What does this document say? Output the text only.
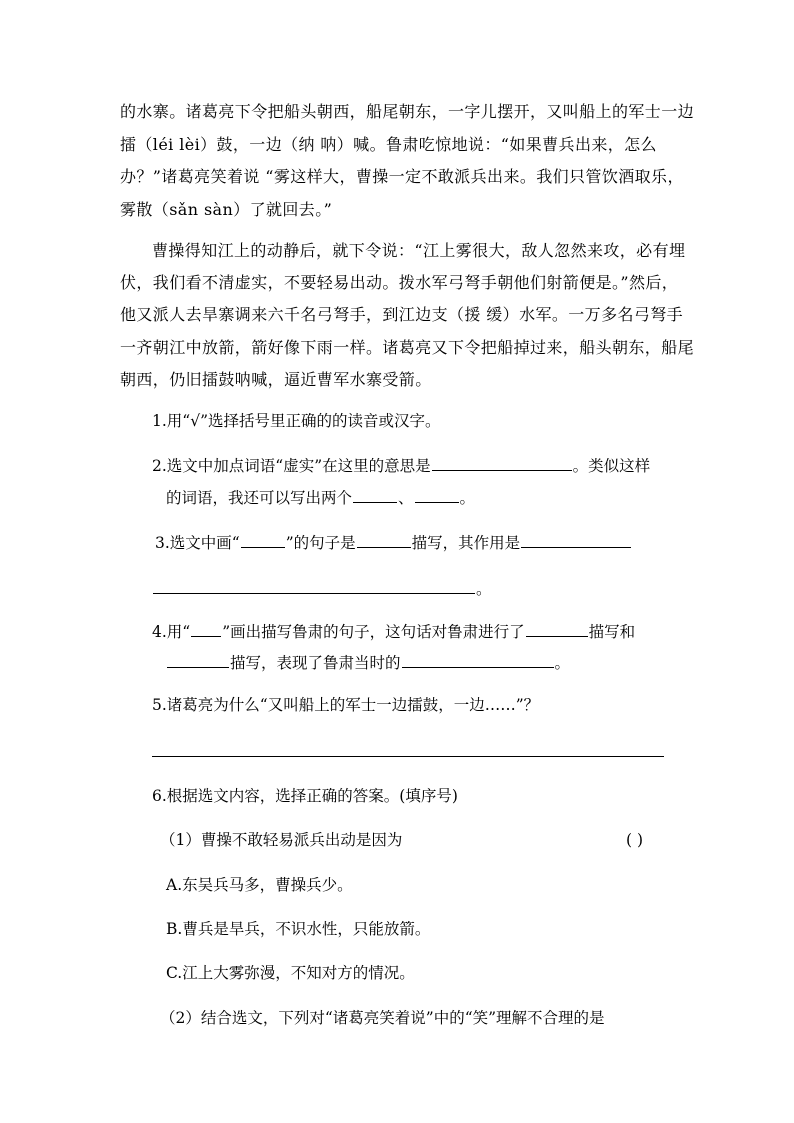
的水寨。诸葛亮下令把船头朝西，船尾朝东，一字儿摆开，又叫船上的军士一边
擂（léi lèi）鼓，一边（纳 呐）喊。鲁肃吃惊地说：“如果曹兵出来，怎么
办？”诸葛亮笑着说 “雾这样大，曹操一定不敢派兵出来。我们只管饮酒取乐，
雾散（sǎn sàn）了就回去。”
曹操得知江上的动静后，就下令说：“江上雾很大，敌人忽然来攻，必有埋
伏，我们看不清虚实，不要轻易出动。拨水军弓弩手朝他们射箭便是。”然后，
他又派人去旱寨调来六千名弓弩手，到江边支（援 缓）水军。一万多名弓弩手
一齐朝江中放箭，箭好像下雨一样。诸葛亮又下令把船掉过来，船头朝东，船尾
朝西，仍旧擂鼓呐喊，逼近曹军水寨受箭。
1.用“√”选择括号里正确的的读音或汉字。
2.选文中加点词语“虚实”在这里的意思是	。类似这样
的词语，我还可以写出两个	、	。
3.选文中画“	”的句子是	描写，其作用是
。
4.用“ ”画出描写鲁肃的句子，这句话对鲁肃进行了	描写和
描写，表现了鲁肃当时的	。
5.诸葛亮为什么“又叫船上的军士一边擂鼓，一边……”？
6.根据选文内容，选择正确的答案。(填序号)
（1）曹操不敢轻易派兵出动是因为	( )
A.东吴兵马多，曹操兵少。
B.曹兵是旱兵，不识水性，只能放箭。
C.江上大雾弥漫，不知对方的情况。
（2）结合选文，下列对“诸葛亮笑着说”中的“笑”理解不合理的是
